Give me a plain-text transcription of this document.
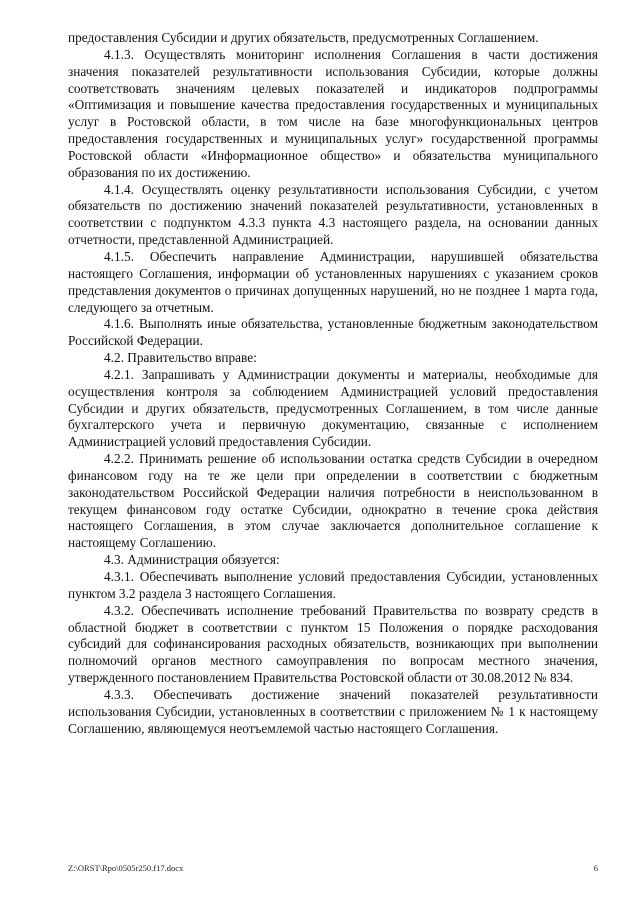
предоставления Субсидии и других обязательств, предусмотренных Соглашением.

4.1.3. Осуществлять мониторинг исполнения Соглашения в части достижения значения показателей результативности использования Субсидии, которые должны соответствовать значениям целевых показателей и индикаторов подпрограммы «Оптимизация и повышение качества предоставления государственных и муниципальных услуг в Ростовской области, в том числе на базе многофункциональных центров предоставления государственных и муниципальных услуг» государственной программы Ростовской области «Информационное общество» и обязательства муниципального образования по их достижению.

4.1.4. Осуществлять оценку результативности использования Субсидии, с учетом обязательств по достижению значений показателей результативности, установленных в соответствии с подпунктом 4.3.3 пункта 4.3 настоящего раздела, на основании данных отчетности, представленной Администрацией.

4.1.5. Обеспечить направление Администрации, нарушившей обязательства настоящего Соглашения, информации об установленных нарушениях с указанием сроков представления документов о причинах допущенных нарушений, но не позднее 1 марта года, следующего за отчетным.

4.1.6. Выполнять иные обязательства, установленные бюджетным законодательством Российской Федерации.

4.2. Правительство вправе:

4.2.1. Запрашивать у Администрации документы и материалы, необходимые для осуществления контроля за соблюдением Администрацией условий предоставления Субсидии и других обязательств, предусмотренных Соглашением, в том числе данные бухгалтерского учета и первичную документацию, связанные с исполнением Администрацией условий предоставления Субсидии.

4.2.2. Принимать решение об использовании остатка средств Субсидии в очередном финансовом году на те же цели при определении в соответствии с бюджетным законодательством Российской Федерации наличия потребности в неиспользованном в текущем финансовом году остатке Субсидии, однократно в течение срока действия настоящего Соглашения, в этом случае заключается дополнительное соглашение к настоящему Соглашению.

4.3. Администрация обязуется:

4.3.1. Обеспечивать выполнение условий предоставления Субсидии, установленных пунктом 3.2 раздела 3 настоящего Соглашения.

4.3.2. Обеспечивать исполнение требований Правительства по возврату средств в областной бюджет в соответствии с пунктом 15 Положения о порядке расходования субсидий для софинансирования расходных обязательств, возникающих при выполнении полномочий органов местного самоуправления по вопросам местного значения, утвержденного постановлением Правительства Ростовской области от 30.08.2012 № 834.

4.3.3. Обеспечивать достижение значений показателей результативности использования Субсидии, установленных в соответствии с приложением № 1 к настоящему Соглашению, являющемуся неотъемлемой частью настоящего Соглашения.

Z:\ORST\Rpo\0505r250.f17.docx	6
